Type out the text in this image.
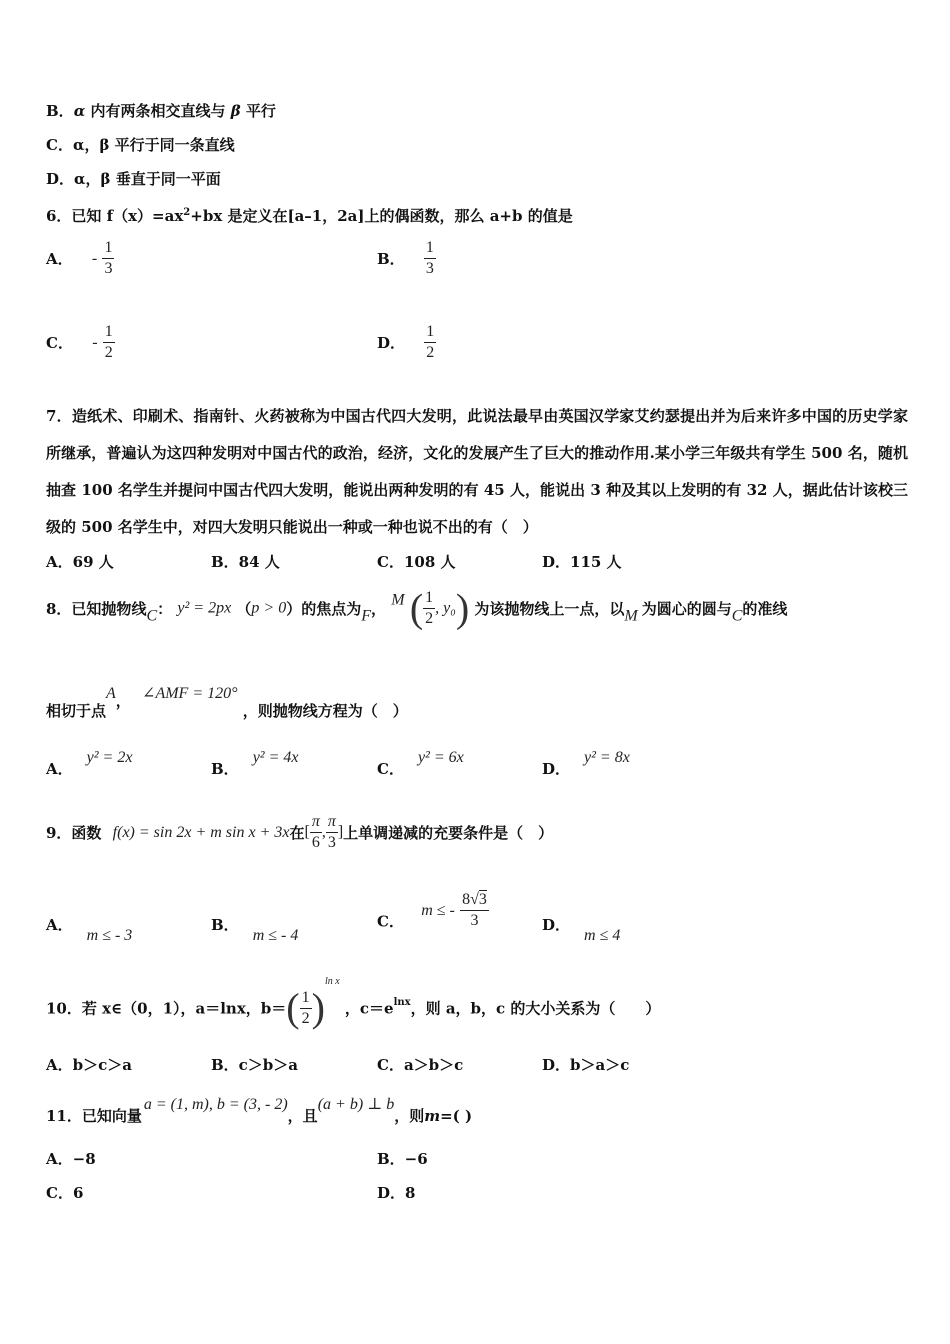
B．α 内有两条相交直线与 β 平行
C．α，β 平行于同一条直线
D．α，β 垂直于同一平面
6．已知 $f(x)=ax^2+bx$ 是定义在[a–1，2a]上的偶函数，那么 a+b 的值是
A． - $\frac{1}{3}$	B． $\frac{1}{3}$
C． - $\frac{1}{2}$	D． $\frac{1}{2}$
7．造纸术、印刷术、指南针、火药被称为中国古代四大发明，此说法最早由英国汉学家艾约瑟提出并为后来许多中国的历史学家所继承，普遍认为这四种发明对中国古代的政治，经济，文化的发展产生了巨大的推动作用.某小学三年级共有学生 500 名，随机抽查 100 名学生并提问中国古代四大发明，能说出两种发明的有 45 人，能说出 3 种及其以上发明的有 32 人，据此估计该校三级的 500 名学生中，对四大发明只能说出一种或一种也说不出的有（　）
A．69 人	B．84 人	C．108 人	D．115 人
8．已知抛物线C： y² = 2px （p > 0）的焦点为F， M ( $\frac{1}{2}$ , y₀) 为该抛物线上一点，以M 为圆心的圆与C的准线
相切于点A， ∠AMF = 120° ，则抛物线方程为（　）
A．y² = 2x
B．y² = 4x
C．y² = 6x
D．y² = 8x
9．函数 f(x) = sin 2x + m sin x + 3x在[ $\frac{\pi}{6}$ , $\frac{\pi}{3}$ ]上单调递减的充要条件是（　）
A．m ≤ - 3
B．m ≤ - 4
C． m ≤ - $\frac{8√3}{3}$	D．m ≤ 4
10．若 x∈（0，1），a＝lnx，$b=( \frac{1}{2} )^{ln x}$ ，$c=e^{lnx}$，则 a，b，c 的大小关系为（　　）
A．b＞c＞a	B．c＞b＞a	C．a＞b＞c	D．b＞a＞c
11．已知向量a = (1, m), b = (3, - 2)，且(a + b) ⊥ b，则m=( )
A．−8	B．−6
C．6	D．8
